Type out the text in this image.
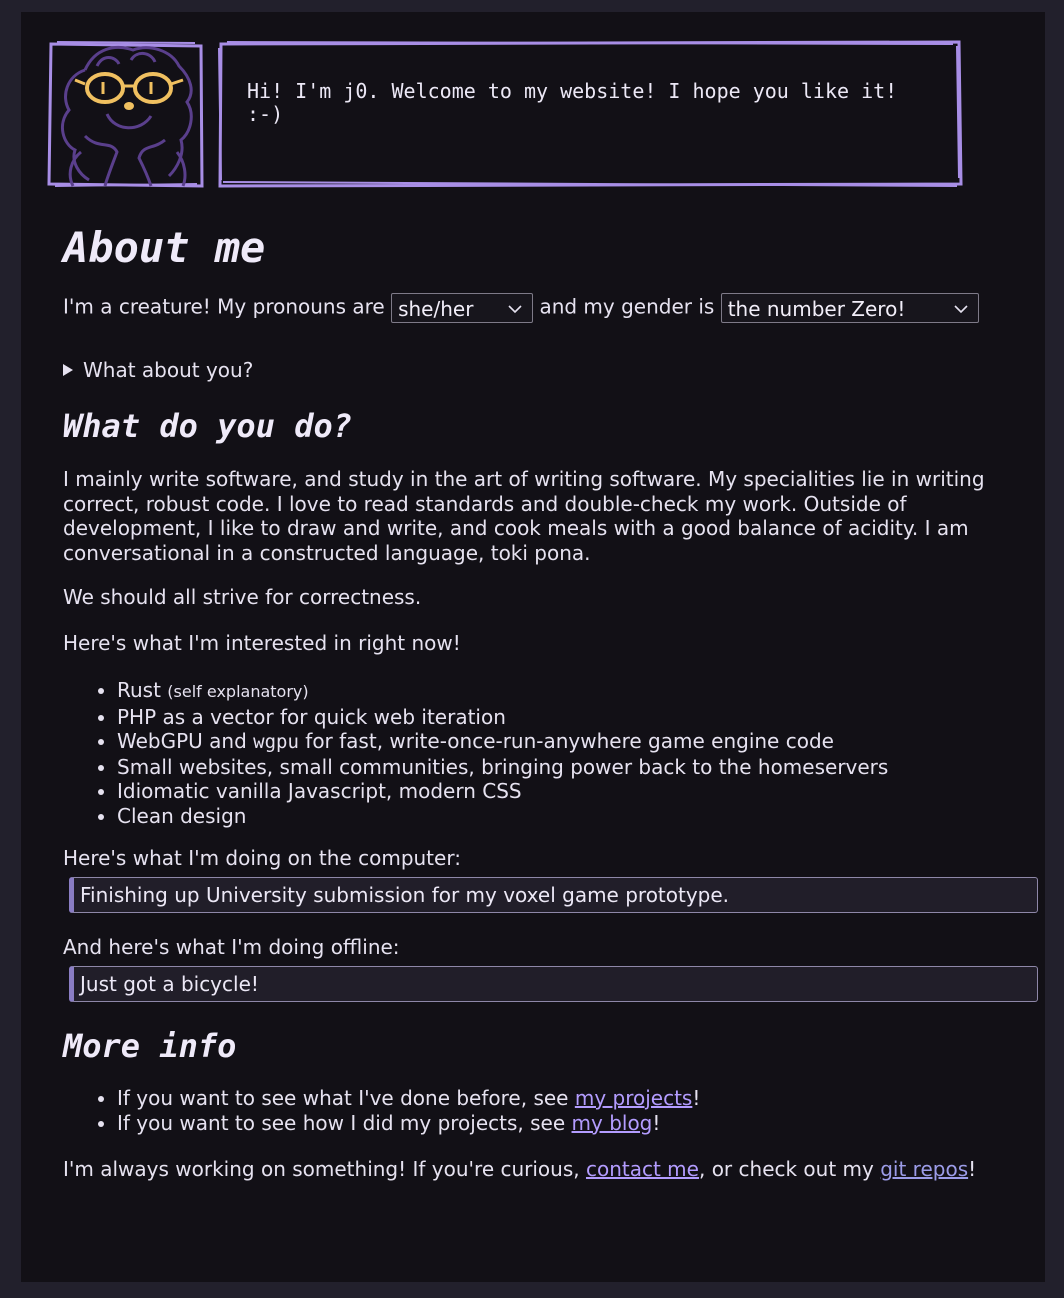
Hi! I'm j0. Welcome to my website! I hope you like it!
:-)

About me

I'm a creature! My pronouns are she/her	and my gender is the number Zero!

What about you?
What do you do?

I mainly write software, and study in the art of writing software. My specialities lie in writing correct, robust code. I love to read standards and double-check my work. Outside of development, I like to draw and write, and cook meals with a good balance of acidity. I am conversational in a constructed language, toki pona.

We should all strive for correctness.

Here's what I'm interested in right now!

• Rust (self explanatory)
• PHP as a vector for quick web iteration
• WebGPU and wgpu for fast, write-once-run-anywhere game engine code
• Small websites, small communities, bringing power back to the homeservers
• Idiomatic vanilla Javascript, modern CSS
• Clean design

Here's what I'm doing on the computer:

Finishing up University submission for my voxel game prototype.

And here's what I'm doing offline:

Just got a bicycle!
More info
• If you want to see what I've done before, see my projects!
• If you want to see how I did my projects, see my blog!

I'm always working on something! If you're curious, contact me, or check out my git repos!
